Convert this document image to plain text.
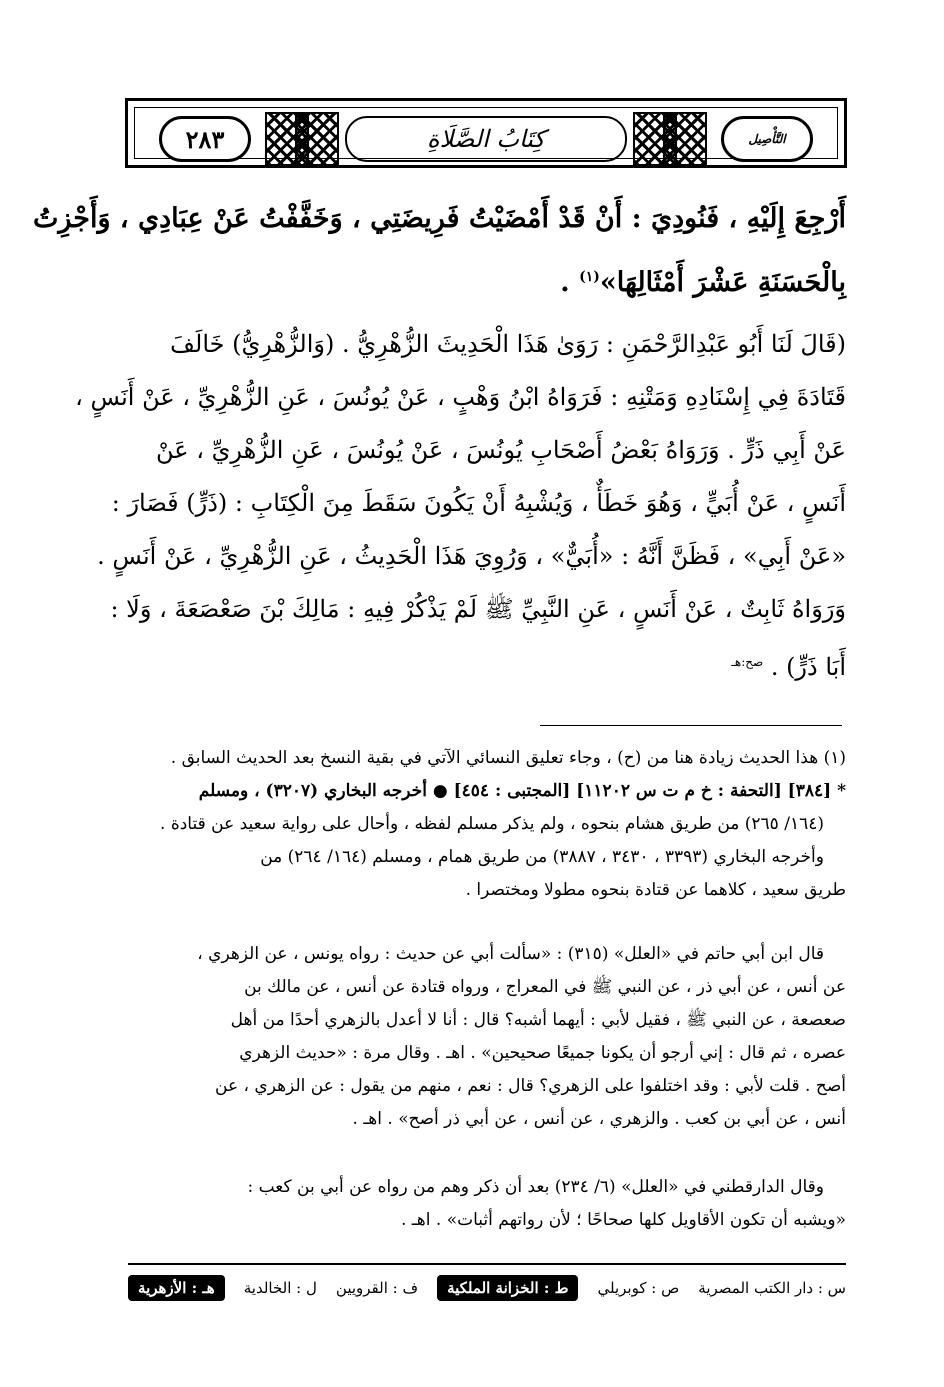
٢٨٣	كِتَابُ الصَّلَاةِ	التَّأْصِيل
أَرْجِعَ إِلَيْهِ ، فَنُودِيَ : أَنْ قَدْ أَمْضَيْتُ فَرِيضَتِي ، وَخَفَّفْتُ عَنْ عِبَادِي ، وَأَجْزِتُ
بِالْحَسَنَةِ عَشْرَ أَمْثَالِهَا»$^{(١)}$ .
(قَالَ لَنَا أَبُو عَبْدِالرَّحْمَنِ : رَوَىٰ هَذَا الْحَدِيثَ الزُّهْرِيُّ . (وَالزُّهْرِيُّ) خَالَفَ
قَتَادَةَ فِي إِسْنَادِهِ وَمَتْنِهِ : فَرَوَاهُ ابْنُ وَهْبٍ ، عَنْ يُونُسَ ، عَنِ الزُّهْرِيِّ ، عَنْ أَنَسٍ ،
عَنْ أَبِي ذَرٍّ . وَرَوَاهُ بَعْضُ أَصْحَابِ يُونُسَ ، عَنْ يُونُسَ ، عَنِ الزُّهْرِيِّ ، عَنْ
أَنَسٍ ، عَنْ أُبَيٍّ ، وَهُوَ خَطَأٌ ، وَيُشْبِهُ أَنْ يَكُونَ سَقَطَ مِنَ الْكِتَابِ : (ذَرٍّ) فَصَارَ :
«عَنْ أَبِي» ، فَظَنَّ أَنَّهُ : «أُبَيٌّ» ، وَرُوِيَ هَذَا الْحَدِيثُ ، عَنِ الزُّهْرِيِّ ، عَنْ أَنَسٍ .
وَرَوَاهُ ثَابِتٌ ، عَنْ أَنَسٍ ، عَنِ النَّبِيِّ ﷺ لَمْ يَذْكُرْ فِيهِ : مَالِكَ بْنَ صَعْصَعَةَ ، وَلَا :
أَبَا ذَرٍّ) . $^{صح:هـ}$
(١) هذا الحديث زيادة هنا من (ح) ، وجاء تعليق النسائي الآتي في بقية النسخ بعد الحديث السابق .
* [٣٨٤] [التحفة : خ م ت س ١١٢٠٢] [المجتبى : ٤٥٤] ● أخرجه البخاري (٣٢٠٧) ، ومسلم
(١٦٤/ ٢٦٥) من طريق هشام بنحوه ، ولم يذكر مسلم لفظه ، وأحال على رواية سعيد عن قتادة .
وأخرجه البخاري (٣٣٩٣ ، ٣٤٣٠ ، ٣٨٨٧) من طريق همام ، ومسلم (١٦٤/ ٢٦٤) من
طريق سعيد ، كلاهما عن قتادة بنحوه مطولا ومختصرا .
قال ابن أبي حاتم في «العلل» (٣١٥) : «سألت أبي عن حديث : رواه يونس ، عن الزهري ،
عن أنس ، عن أبي ذر ، عن النبي ﷺ في المعراج ، ورواه قتادة عن أنس ، عن مالك بن
صعصعة ، عن النبي ﷺ ، فقيل لأبي : أيهما أشبه؟ قال : أنا لا أعدل بالزهري أحدًا من أهل
عصره ، ثم قال : إني أرجو أن يكونا جميعًا صحيحين» . اهـ . وقال مرة : «حديث الزهري
أصح . قلت لأبي : وقد اختلفوا على الزهري؟ قال : نعم ، منهم من يقول : عن الزهري ، عن
أنس ، عن أبي بن كعب . والزهري ، عن أنس ، عن أبي ذر أصح» . اهـ .
وقال الدارقطني في «العلل» (٦/ ٢٣٤) بعد أن ذكر وهم من رواه عن أبي بن كعب :
«ويشبه أن تكون الأقاويل كلها صحاحًا ؛ لأن رواتهم أثبات» . اهـ .
س : دار الكتب المصرية
ص : كوبريلي
ط : الخزانة الملكية
ف : القرويين
ل : الخالدية
هـ : الأزهرية
